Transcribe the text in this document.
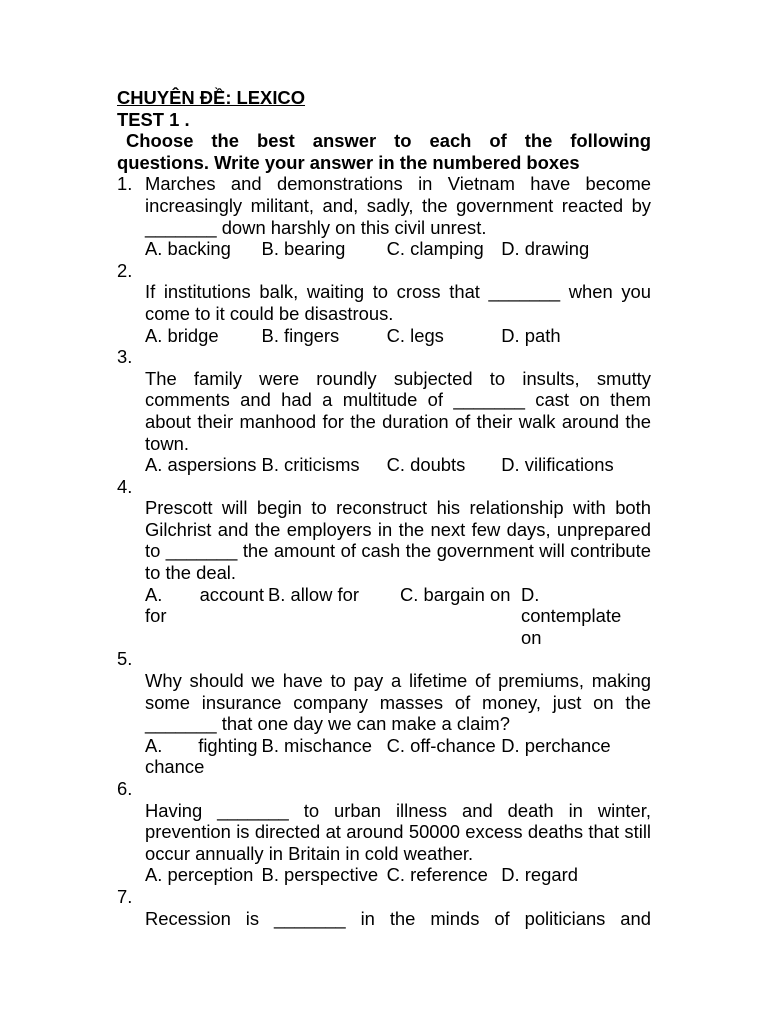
CHUYÊN ĐỀ: LEXICO
TEST 1 .
Choose the best answer to each of the following
questions. Write your answer in the numbered boxes
1. Marches and demonstrations in Vietnam have become increasingly militant, and, sadly, the government reacted by _______ down harshly on this civil unrest.
A. backing	B. bearing	C. clamping D. drawing
2.
If institutions balk, waiting to cross that _______ when you come to it could be disastrous.
A. bridge	B. fingers	C. legs	D. path
3.
The family were roundly subjected to insults, smutty comments and had a multitude of _______ cast on them about their manhood for the duration of their walk around the town.
A. aspersions B. criticisms	C. doubts	D. vilifications
4.
Prescott will begin to reconstruct his relationship with both Gilchrist and the employers in the next few days, unprepared to _______ the amount of cash the government will contribute to the deal.
A. account
for
B. allow for	C. bargain on D.
contemplate
on
5.
Why should we have to pay a lifetime of premiums, making some insurance company masses of money, just on the _______ that one day we can make a claim?
A. fighting
chance
B. mischance C. off-chance D. perchance
6.
Having _______ to urban illness and death in winter, prevention is directed at around 50000 excess deaths that still occur annually in Britain in cold weather.
A. perception B. perspective C. reference D. regard
7.
Recession is _______ in the minds of politicians and
